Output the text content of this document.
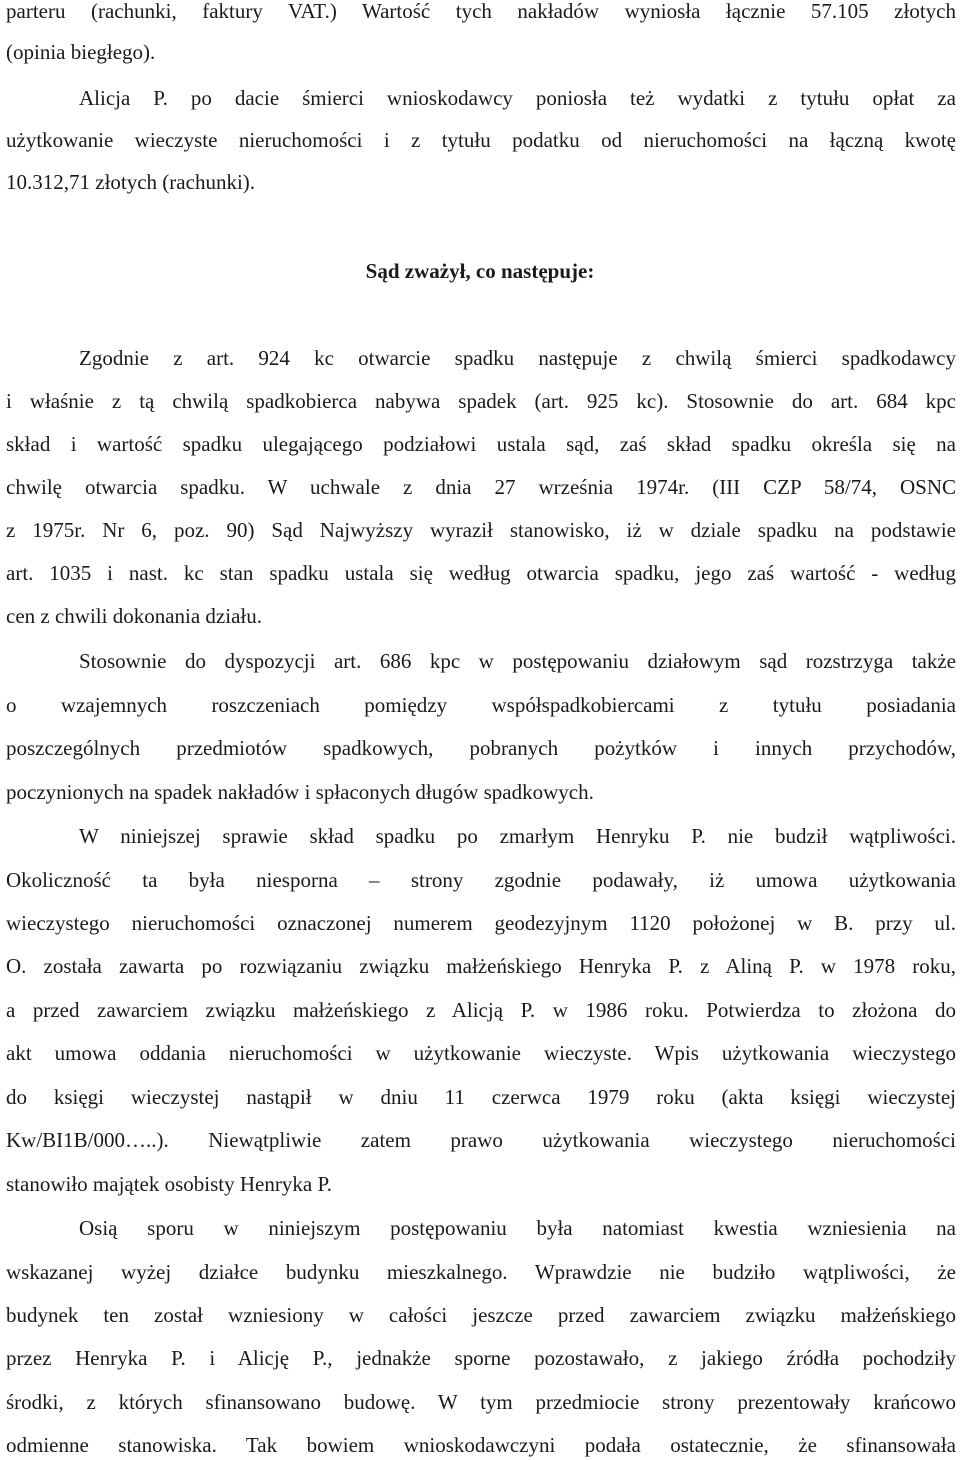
parteru (rachunki, faktury VAT.) Wartość tych nakładów wyniosła łącznie 57.105 złotych
(opinia biegłego).
Alicja P. po dacie śmierci wnioskodawcy poniosła też wydatki z tytułu opłat za
użytkowanie wieczyste nieruchomości i z tytułu podatku od nieruchomości na łączną kwotę
10.312,71 złotych (rachunki).
Sąd zważył, co następuje:
Zgodnie z art. 924 kc otwarcie spadku następuje z chwilą śmierci spadkodawcy
i właśnie z tą chwilą spadkobierca nabywa spadek (art. 925 kc). Stosownie do art. 684 kpc
skład i wartość spadku ulegającego podziałowi ustala sąd, zaś skład spadku określa się na
chwilę otwarcia spadku. W uchwale z dnia 27 września 1974r. (III CZP 58/74, OSNC
z 1975r. Nr 6, poz. 90) Sąd Najwyższy wyraził stanowisko, iż w dziale spadku na podstawie
art. 1035 i nast. kc stan spadku ustala się według otwarcia spadku, jego zaś wartość - według
cen z chwili dokonania działu.
Stosownie do dyspozycji art. 686 kpc w postępowaniu działowym sąd rozstrzyga także
o wzajemnych roszczeniach pomiędzy współspadkobiercami z tytułu posiadania
poszczególnych przedmiotów spadkowych, pobranych pożytków i innych przychodów,
poczynionych na spadek nakładów i spłaconych długów spadkowych.
W niniejszej sprawie skład spadku po zmarłym Henryku P. nie budził wątpliwości.
Okoliczność ta była niesporna – strony zgodnie podawały, iż umowa użytkowania
wieczystego nieruchomości oznaczonej numerem geodezyjnym 1120 położonej w B. przy ul.
O. została zawarta po rozwiązaniu związku małżeńskiego Henryka P. z Aliną P. w 1978 roku,
a przed zawarciem związku małżeńskiego z Alicją P. w 1986 roku. Potwierdza to złożona do
akt umowa oddania nieruchomości w użytkowanie wieczyste. Wpis użytkowania wieczystego
do księgi wieczystej nastąpił w dniu 11 czerwca 1979 roku (akta księgi wieczystej
Kw/BI1B/000…..). Niewątpliwie zatem prawo użytkowania wieczystego nieruchomości
stanowiło majątek osobisty Henryka P.
Osią sporu w niniejszym postępowaniu była natomiast kwestia wzniesienia na
wskazanej wyżej działce budynku mieszkalnego. Wprawdzie nie budziło wątpliwości, że
budynek ten został wzniesiony w całości jeszcze przed zawarciem związku małżeńskiego
przez Henryka P. i Alicję P., jednakże sporne pozostawało, z jakiego źródła pochodziły
środki, z których sfinansowano budowę. W tym przedmiocie strony prezentowały krańcowo
odmienne stanowiska. Tak bowiem wnioskodawczyni podała ostatecznie, że sfinansowała
